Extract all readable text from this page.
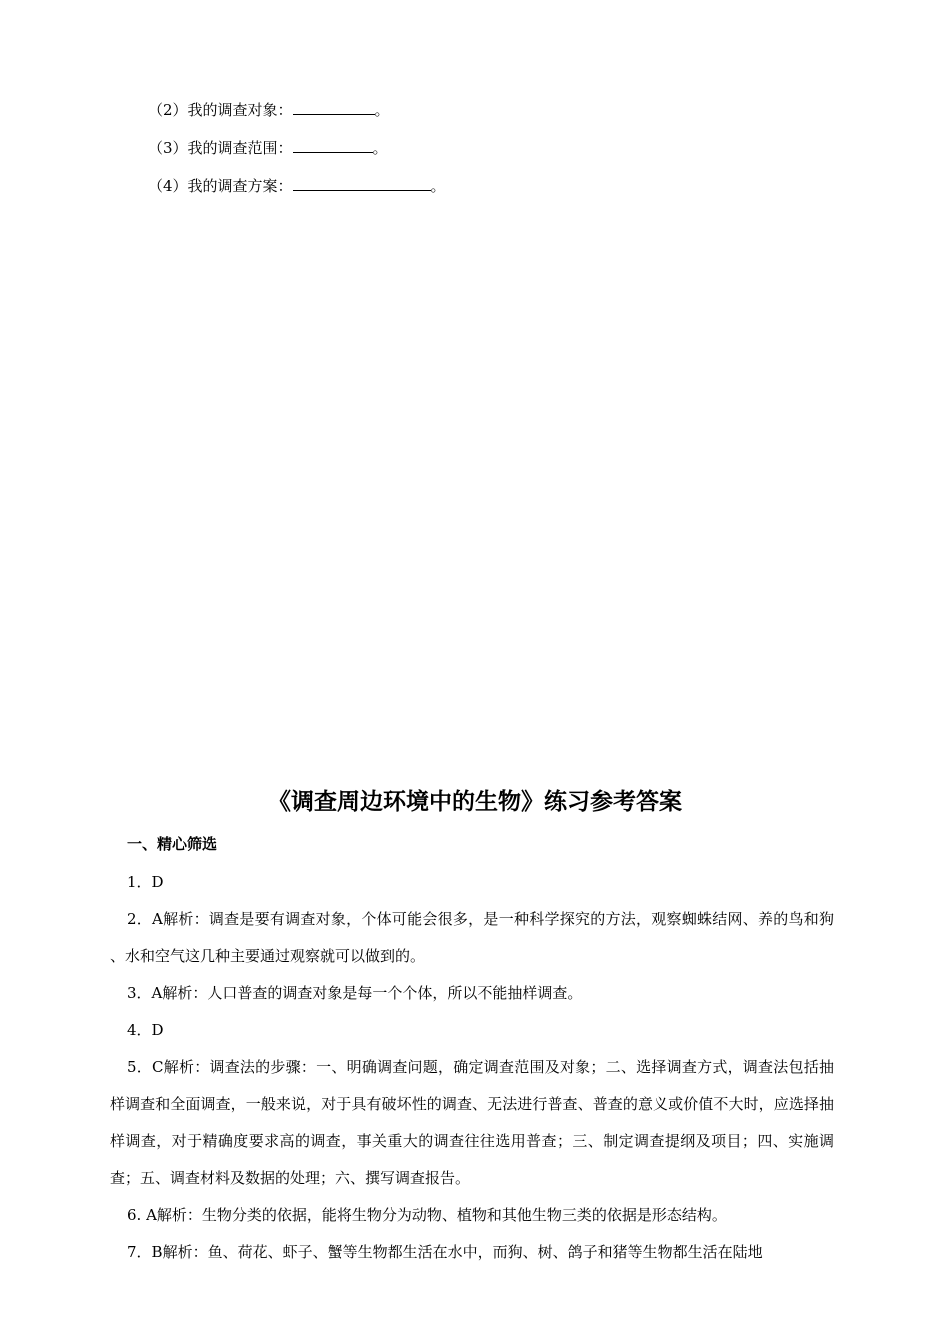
（2）我的调查对象：	。
（3）我的调查范围：	。
（4）我的调查方案：	。
《调查周边环境中的生物》练习参考答案
一、精心筛选

1．D

2．A解析：调查是要有调查对象，个体可能会很多，是一种科学探究的方法，观察蜘蛛结网、养的鸟和狗 、水和空气这几种主要通过观察就可以做到的。

3．A解析：人口普查的调查对象是每一个个体，所以不能抽样调查。

4．D

5．C解析：调查法的步骤：一、明确调查问题，确定调查范围及对象；二、选择调查方式，调查法包括抽样调查和全面调查，一般来说，对于具有破坏性的调查、无法进行普查、普查的意义或价值不大时，应选择抽样调查，对于精确度要求高的调查，事关重大的调查往往选用普查；三、制定调查提纲及项目；四、实施调查；五、调查材料及数据的处理；六、撰写调查报告。

6. A解析：生物分类的依据，能将生物分为动物、植物和其他生物三类的依据是形态结构。

7．B解析：鱼、荷花、虾子、蟹等生物都生活在水中，而狗、树、鸽子和猪等生物都生活在陆地
